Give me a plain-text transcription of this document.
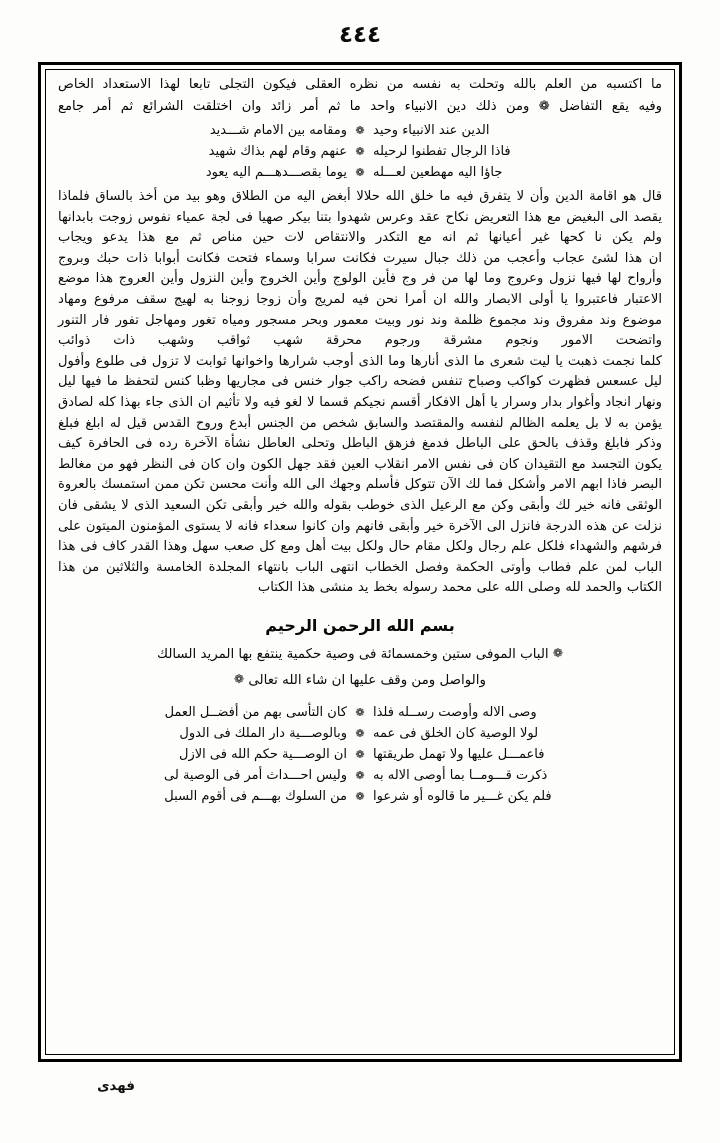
٤٤٤
ما اكتسبه من العلم بالله وتحلت به نفسه من نظره العقلى فيكون التجلى تابعا لهذا الاستعداد الخاص
وفيه يقع التفاضل ❁ ومن ذلك دين الانبياء واحد ما ثم أمر زائد وان اختلقت الشرائع ثم أمر جامع
الدين عند الانبياء وحيد
❁
ومقامه بين الامام شـــديد
فاذا الرجال تفطنوا لرحيله
❁
عنهم وقام لهم بذاك شهيد
جاؤا اليه مهطعين لعـــله
❁
يوما بقصـــدهـــم اليه يعود

قال هو اقامة الدين وأن لا يتفرق فيه ما خلق الله حلالا أبغض اليه من الطلاق وهو بيد من أخذ بالساق فلماذا يقصد الى البغيض مع هذا التعريض نكاح عقد وعرس شهدوا بتنا بيكر صهيا فى لجة عمياء نفوس زوجت بابدانها ولم يكن نا كحها غير أعيانها ثم انه مع التكدر والانتقاص لات حين مناص ثم مع هذا يدعو ويجاب

ان هذا لشئ عجاب وأعجب من ذلك جبال سيرت فكانت سرابا وسماء فتحت فكانت أبوابا ذات حبك وبروج وأرواح لها فيها نزول وعروج وما لها من فر وج فأين الولوج وأين الخروج وأين النزول وأين العروج هذا موضع الاعتبار فاعتبروا يا أولى الابصار والله ان أمرا نحن فيه لمريج وأن زوجا زوجنا به لهيج سقف مرفوع ومهاد موضوع وند مفروق وند مجموع ظلمة وند نور وبيت معمور وبحر مسجور ومياه تغور ومهاجل تفور فار التنور واتضحت الامور ونجوم مشرقة ورجوم محرقة شهب ثواقب وشهب ذات ذوائب

كلما نجمت ذهبت يا ليت شعرى ما الذى أنارها وما الذى أوجب شرارها واخوانها ثوابت لا تزول فى طلوع وأفول ليل عسعس فظهرت كواكب وصباح تنفس فضحه راكب جوار خنس فى مجاريها وظبا كنس لتحفظ ما فيها ليل ونهار انجاد وأغوار بدار وسرار يا أهل الافكار أقسم نجيكم قسما لا لغو فيه ولا تأثيم ان الذى جاء بهذا كله لصادق يؤمن به لا بل يعلمه الظالم لنفسه والمقتصد والسابق شخص من الجنس أبدع وروح القدس قيل له ابلغ فبلغ وذكر فابلغ وقذف بالحق على الباطل فدمغ فزهق الباطل وتحلى العاطل نشأة الآخرة رده فى الحافرة كيف يكون التجسد مع التقيدان كان فى نفس الامر انقلاب العين فقد جهل الكون وان كان فى النظر فهو من مغالط البصر فاذا ابهم الامر وأشكل فما لك الآن تتوكل فأسلم وجهك الى الله وأنت محسن تكن ممن استمسك بالعروة الوثقى فانه خير لك وأبقى وكن مع الرعيل الذى خوطب بقوله والله خير وأبقى تكن السعيد الذى لا يشقى فان نزلت عن هذه الدرجة فانزل الى الآخرة خير وأبقى فانهم وان كانوا سعداء فانه لا يستوى المؤمنون الميتون على فرشهم والشهداء فلكل علم رجال ولكل مقام حال ولكل بيت أهل ومع كل صعب سهل وهذا القدر كاف فى هذا الباب لمن علم فطاب وأوتى الحكمة وفصل الخطاب انتهى الباب بانتهاء المجلدة الخامسة والثلاثين من هذا الكتاب والحمد لله وصلى الله على محمد رسوله بخط يد منشى هذا الكتاب

بسم الله الرحمن الرحيم
❁ الباب الموفى ستين وخمسمائة فى وصية حكمية ينتفع بها المريد السالك
والواصل ومن وقف عليها ان شاء الله تعالى ❁
وصى الاله وأوصت رســله فلذا
❁
كان التأسى بهم من أفضــل العمل
لولا الوصية كان الخلق فى عمه
❁
وبالوصـــية دار الملك فى الدول
فاعمـــل عليها ولا تهمل طريقتها
❁
ان الوصـــية حكم الله فى الازل
ذكرت قـــومــا بما أوصى الاله به
❁
وليس احـــداث أمر فى الوصية لى
فلم يكن غـــير ما قالوه أو شرعوا
❁
من السلوك بهـــم فى أقوم السبل
فهدى
